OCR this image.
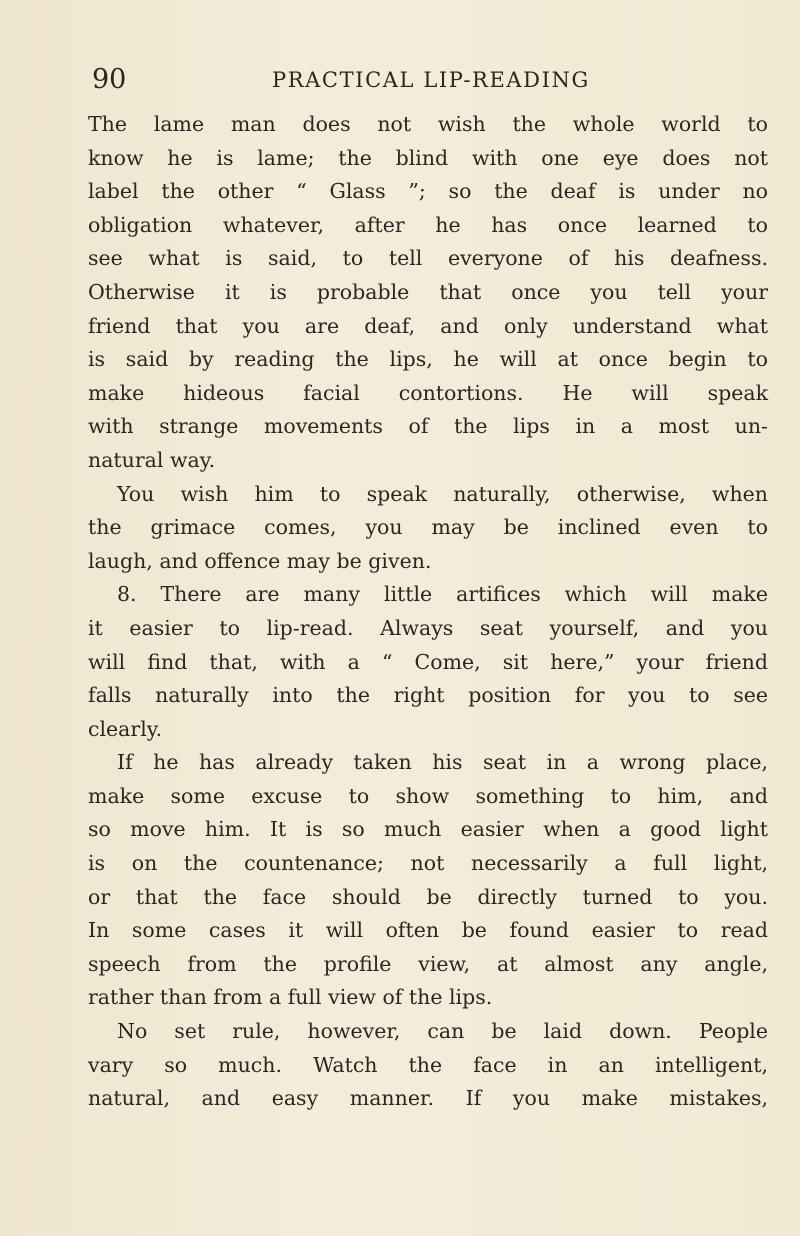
90	PRACTICAL LIP-READING
The lame man does not wish the whole world to
know he is lame; the blind with one eye does not
label the other “ Glass ”; so the deaf is under no
obligation whatever, after he has once learned to
see what is said, to tell everyone of his deafness.
Otherwise it is probable that once you tell your
friend that you are deaf, and only understand what
is said by reading the lips, he will at once begin to
make hideous facial contortions. He will speak
with strange movements of the lips in a most un-
natural way.
You wish him to speak naturally, otherwise, when
the grimace comes, you may be inclined even to
laugh, and offence may be given.
8. There are many little artifices which will make
it easier to lip-read. Always seat yourself, and you
will find that, with a “ Come, sit here,” your friend
falls naturally into the right position for you to see
clearly.
If he has already taken his seat in a wrong place,
make some excuse to show something to him, and
so move him. It is so much easier when a good light
is on the countenance; not necessarily a full light,
or that the face should be directly turned to you.
In some cases it will often be found easier to read
speech from the profile view, at almost any angle,
rather than from a full view of the lips.
No set rule, however, can be laid down. People
vary so much. Watch the face in an intelligent,
natural, and easy manner. If you make mistakes,
